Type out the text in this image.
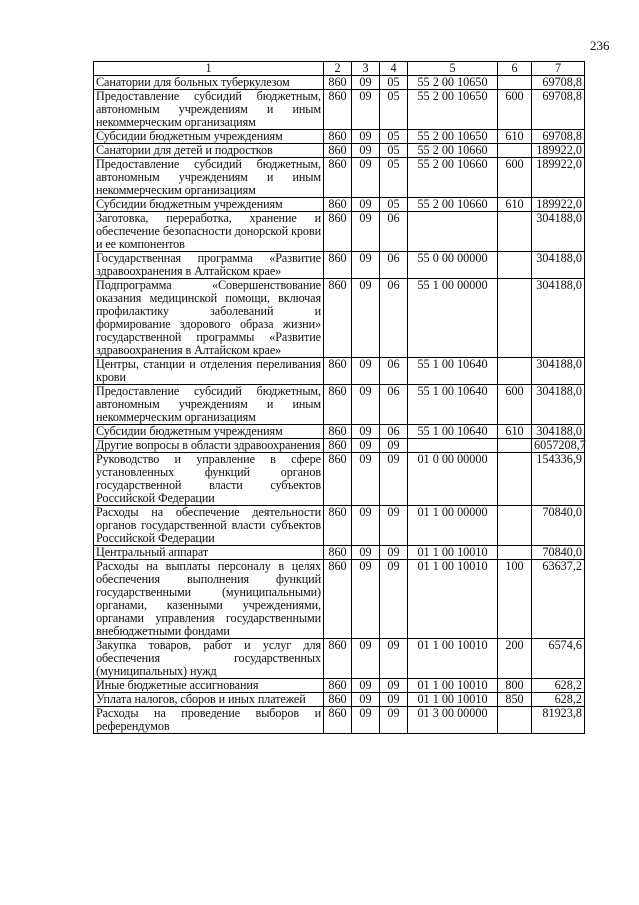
236
1	2	3	4	5	6	7
Санатории для больных туберкулезом	860	09	05	55 2 00 10650		69708,8
Предоставление субсидий бюджетным, автономным учреждениям и иным некоммерческим организациям	860	09	05	55 2 00 10650	600	69708,8
Субсидии бюджетным учреждениям	860	09	05	55 2 00 10650	610	69708,8
Санатории для детей и подростков	860	09	05	55 2 00 10660		189922,0
Предоставление субсидий бюджетным, автономным учреждениям и иным некоммерческим организациям	860	09	05	55 2 00 10660	600	189922,0
Субсидии бюджетным учреждениям	860	09	05	55 2 00 10660	610	189922,0
Заготовка, переработка, хранение и обеспечение безопасности донорской крови и ее компонентов	860	09	06			304188,0
Государственная программа «Развитие здравоохранения в Алтайском крае»	860	09	06	55 0 00 00000		304188,0
Подпрограмма «Совершенствование оказания медицинской помощи, включая профилактику заболеваний и формирование здорового образа жизни» государственной программы «Развитие здравоохранения в Алтайском крае»	860	09	06	55 1 00 00000		304188,0
Центры, станции и отделения переливания крови	860	09	06	55 1 00 10640		304188,0
Предоставление субсидий бюджетным, автономным учреждениям и иным некоммерческим организациям	860	09	06	55 1 00 10640	600	304188,0
Субсидии бюджетным учреждениям	860	09	06	55 1 00 10640	610	304188,0
Другие вопросы в области здравоохранения	860	09	09			6057208,7
Руководство и управление в сфере установленных функций органов государственной власти субъектов Российской Федерации	860	09	09	01 0 00 00000		154336,9
Расходы на обеспечение деятельности органов государственной власти субъектов Российской Федерации	860	09	09	01 1 00 00000		70840,0
Центральный аппарат	860	09	09	01 1 00 10010		70840,0
Расходы на выплаты персоналу в целях обеспечения выполнения функций государственными (муниципальными) органами, казенными учреждениями, органами управления государственными внебюджетными фондами	860	09	09	01 1 00 10010	100	63637,2
Закупка товаров, работ и услуг для обеспечения государственных (муниципальных) нужд	860	09	09	01 1 00 10010	200	6574,6
Иные бюджетные ассигнования	860	09	09	01 1 00 10010	800	628,2
Уплата налогов, сборов и иных платежей	860	09	09	01 1 00 10010	850	628,2
Расходы на проведение выборов и референдумов	860	09	09	01 3 00 00000		81923,8
